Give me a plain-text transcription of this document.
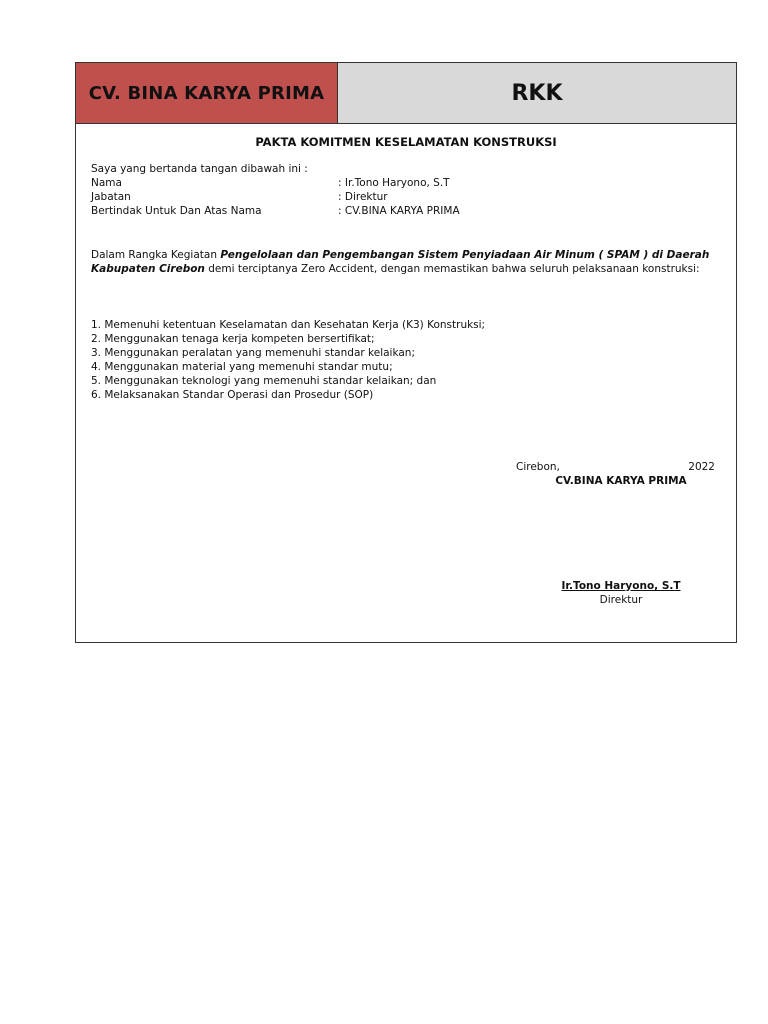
CV. BINA KARYA PRIMA	RKK
PAKTA KOMITMEN KESELAMATAN KONSTRUKSI
Saya yang bertanda tangan dibawah ini :
Nama	: Ir.Tono Haryono, S.T
Jabatan	: Direktur
Bertindak Untuk Dan Atas Nama	: CV.BINA KARYA PRIMA
Dalam Rangka Kegiatan Pengelolaan dan Pengembangan Sistem Penyiadaan Air Minum ( SPAM ) di Daerah Kabupaten Cirebon demi terciptanya Zero Accident, dengan memastikan bahwa seluruh pelaksanaan konstruksi:
1. Memenuhi ketentuan Keselamatan dan Kesehatan Kerja (K3) Konstruksi;
2. Menggunakan tenaga kerja kompeten bersertifikat;
3. Menggunakan peralatan yang memenuhi standar kelaikan;
4. Menggunakan material yang memenuhi standar mutu;
5. Menggunakan teknologi yang memenuhi standar kelaikan; dan
6. Melaksanakan Standar Operasi dan Prosedur (SOP)
Cirebon,	2022
CV.BINA KARYA PRIMA
Ir.Tono Haryono, S.T
Direktur
